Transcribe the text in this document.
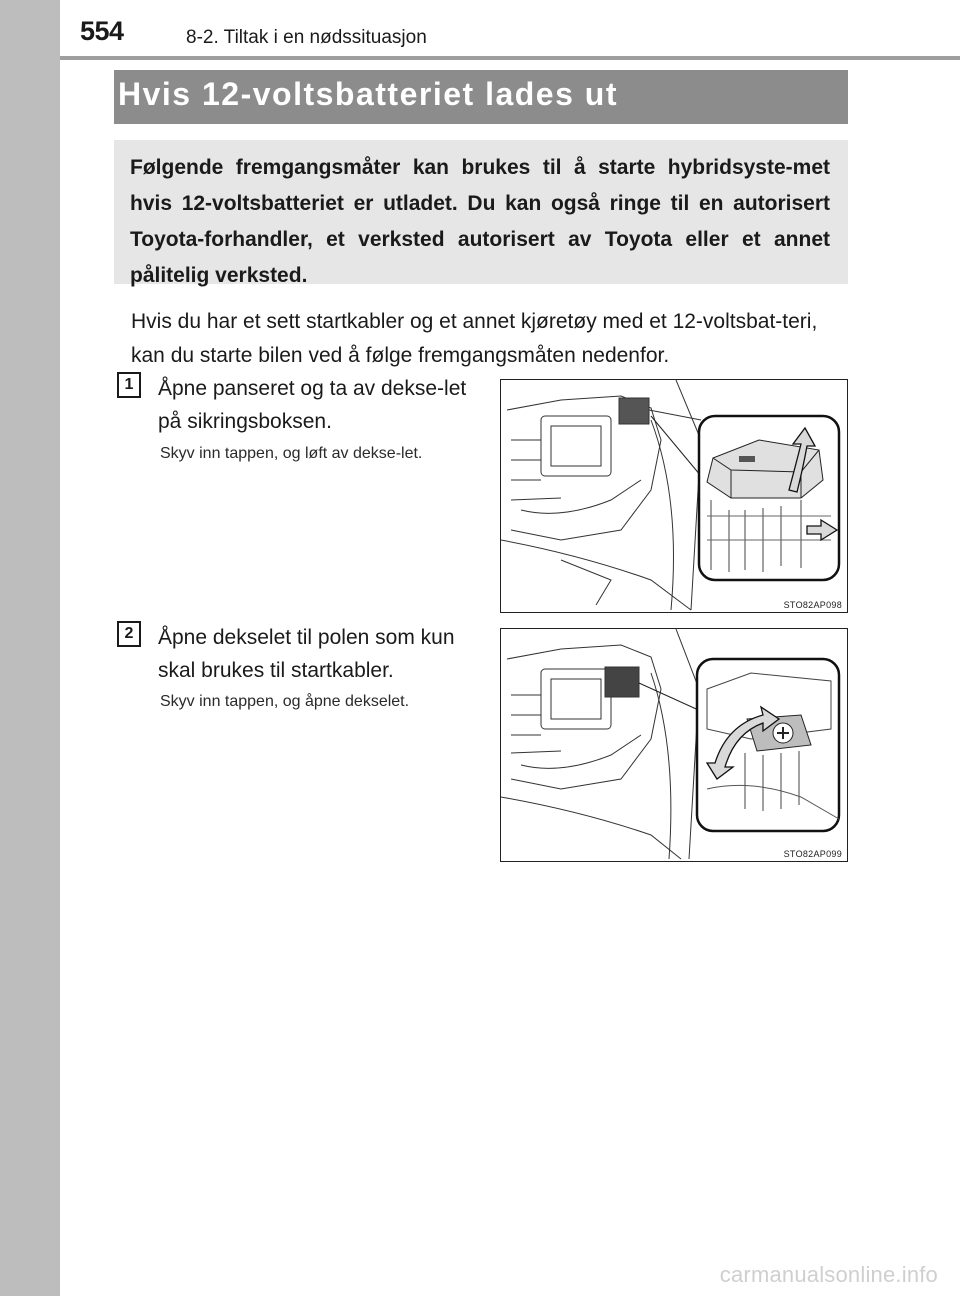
554	8-2. Tiltak i en nødssituasjon
Hvis 12-voltsbatteriet lades ut
Følgende fremgangsmåter kan brukes til å starte hybridsyste-met hvis 12-voltsbatteriet er utladet. Du kan også ringe til en autorisert Toyota-forhandler, et verksted autorisert av Toyota eller et annet pålitelig verksted.
Hvis du har et sett startkabler og et annet kjøretøy med et 12-voltsbat-teri, kan du starte bilen ved å følge fremgangsmåten nedenfor.
1	Åpne panseret og ta av dekse-let på sikringsboksen.
Skyv inn tappen, og løft av dekse-let.
STO82AP098
2	Åpne dekselet til polen som kun skal brukes til startkabler.
Skyv inn tappen, og åpne dekselet.
STO82AP099
carmanualsonline.info
